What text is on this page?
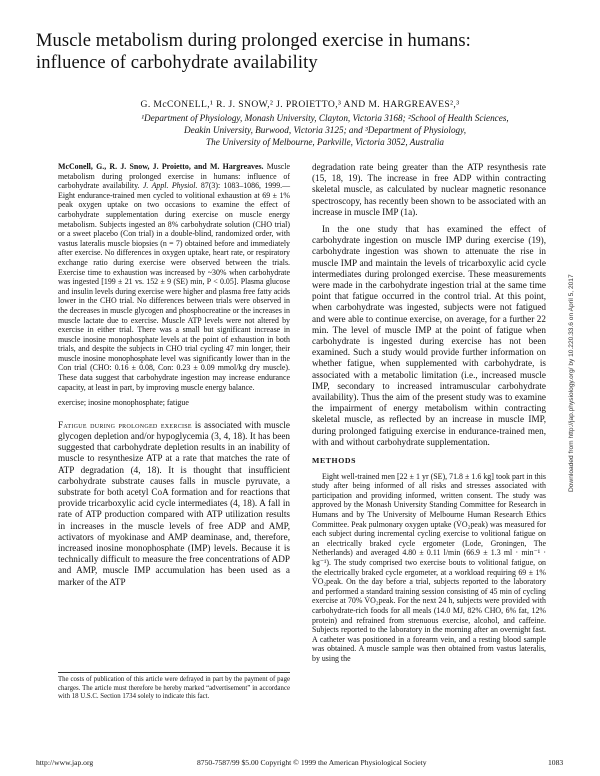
Muscle metabolism during prolonged exercise in humans:
influence of carbohydrate availability
G. McCONELL,¹ R. J. SNOW,² J. PROIETTO,³ AND M. HARGREAVES²,³
¹Department of Physiology, Monash University, Clayton, Victoria 3168; ²School of Health Sciences,
Deakin University, Burwood, Victoria 3125; and ³Department of Physiology,
The University of Melbourne, Parkville, Victoria 3052, Australia

McConell, G., R. J. Snow, J. Proietto, and M. Hargreaves. Muscle metabolism during prolonged exercise in humans: influence of carbohydrate availability. J. Appl. Physiol. 87(3): 1083–1086, 1999.—Eight endurance-trained men cycled to volitional exhaustion at 69 ± 1% peak oxygen uptake on two occasions to examine the effect of carbohydrate supplementation during exercise on muscle energy metabolism. Subjects ingested an 8% carbohydrate solution (CHO trial) or a sweet placebo (Con trial) in a double-blind, randomized order, with vastus lateralis muscle biopsies (n = 7) obtained before and immediately after exercise. No differences in oxygen uptake, heart rate, or respiratory exchange ratio during exercise were observed between the trials. Exercise time to exhaustion was increased by ~30% when carbohydrate was ingested [199 ± 21 vs. 152 ± 9 (SE) min, P < 0.05]. Plasma glucose and insulin levels during exercise were higher and plasma free fatty acids lower in the CHO trial. No differences between trials were observed in the decreases in muscle glycogen and phosphocreatine or the increases in muscle lactate due to exercise. Muscle ATP levels were not altered by exercise in either trial. There was a small but significant increase in muscle inosine monophosphate levels at the point of exhaustion in both trials, and despite the subjects in CHO trial cycling 47 min longer, their muscle inosine monophosphate level was significantly lower than in the Con trial (CHO: 0.16 ± 0.08, Con: 0.23 ± 0.09 mmol/kg dry muscle). These data suggest that carbohydrate ingestion may increase endurance capacity, at least in part, by improving muscle energy balance.

exercise; inosine monophosphate; fatigue

Fatigue during prolonged exercise is associated with muscle glycogen depletion and/or hypoglycemia (3, 4, 18). It has been suggested that carbohydrate depletion results in an inability of muscle to resynthesize ATP at a rate that matches the rate of ATP degradation (4, 18). It is thought that insufficient carbohydrate substrate causes falls in muscle pyruvate, a substrate for both acetyl CoA formation and for reactions that provide tricarboxylic acid cycle intermediates (4, 18). A fall in rate of ATP production compared with ATP utilization results in increases in the muscle levels of free ADP and AMP, activators of myokinase and AMP deaminase, and, therefore, increased inosine monophosphate (IMP) levels. Because it is technically difficult to measure the free concentrations of ADP and AMP, muscle IMP accumulation has been used as a marker of the ATP

degradation rate being greater than the ATP resynthesis rate (15, 18, 19). The increase in free ADP within contracting skeletal muscle, as calculated by nuclear magnetic resonance spectroscopy, has recently been shown to be associated with an increase in muscle IMP (1a).

In the one study that has examined the effect of carbohydrate ingestion on muscle IMP during exercise (19), carbohydrate ingestion was shown to attenuate the rise in muscle IMP and maintain the levels of tricarboxylic acid cycle intermediates during prolonged exercise. These measurements were made in the carbohydrate ingestion trial at the same time point that fatigue occurred in the control trial. At this point, when carbohydrate was ingested, subjects were not fatigued and were able to continue exercise, on average, for a further 22 min. The level of muscle IMP at the point of fatigue when carbohydrate is ingested during exercise has not been examined. Such a study would provide further information on whether fatigue, when supplemented with carbohydrate, is associated with a metabolic limitation (i.e., increased muscle IMP, secondary to increased intramuscular carbohydrate availability). Thus the aim of the present study was to examine the impairment of energy metabolism within contracting skeletal muscle, as reflected by an increase in muscle IMP, during prolonged fatiguing exercise in endurance-trained men, with and without carbohydrate supplementation.

METHODS

Eight well-trained men [22 ± 1 yr (SE), 71.8 ± 1.6 kg] took part in this study after being informed of all risks and stresses associated with participation and providing informed, written consent. The study was approved by the Monash University Standing Committee for Research in Humans and by The University of Melbourne Human Research Ethics Committee. Peak pulmonary oxygen uptake (V̇O₂peak) was measured for each subject during incremental cycling exercise to volitional fatigue on an electrically braked cycle ergometer (Lode, Groningen, The Netherlands) and averaged 4.80 ± 0.11 l/min (66.9 ± 1.3 ml · min⁻¹ · kg⁻¹). The study comprised two exercise bouts to volitional fatigue, on the electrically braked cycle ergometer, at a workload requiring 69 ± 1% V̇O₂peak. On the day before a trial, subjects reported to the laboratory and performed a standard training session consisting of 45 min of cycling exercise at 70% V̇O₂peak. For the next 24 h, subjects were provided with carbohydrate-rich foods for all meals (14.0 MJ, 82% CHO, 6% fat, 12% protein) and refrained from strenuous exercise, alcohol, and caffeine. Subjects reported to the laboratory in the morning after an overnight fast. A catheter was positioned in a forearm vein, and a resting blood sample was obtained. A muscle sample was then obtained from vastus lateralis, by using the

The costs of publication of this article were defrayed in part by the payment of page charges. The article must therefore be hereby marked “advertisement” in accordance with 18 U.S.C. Section 1734 solely to indicate this fact.
http://www.jap.org	8750-7587/99 $5.00 Copyright © 1999 the American Physiological Society	1083
Downloaded from http://jap.physiology.org/ by 10.220.33.6 on April 5, 2017
